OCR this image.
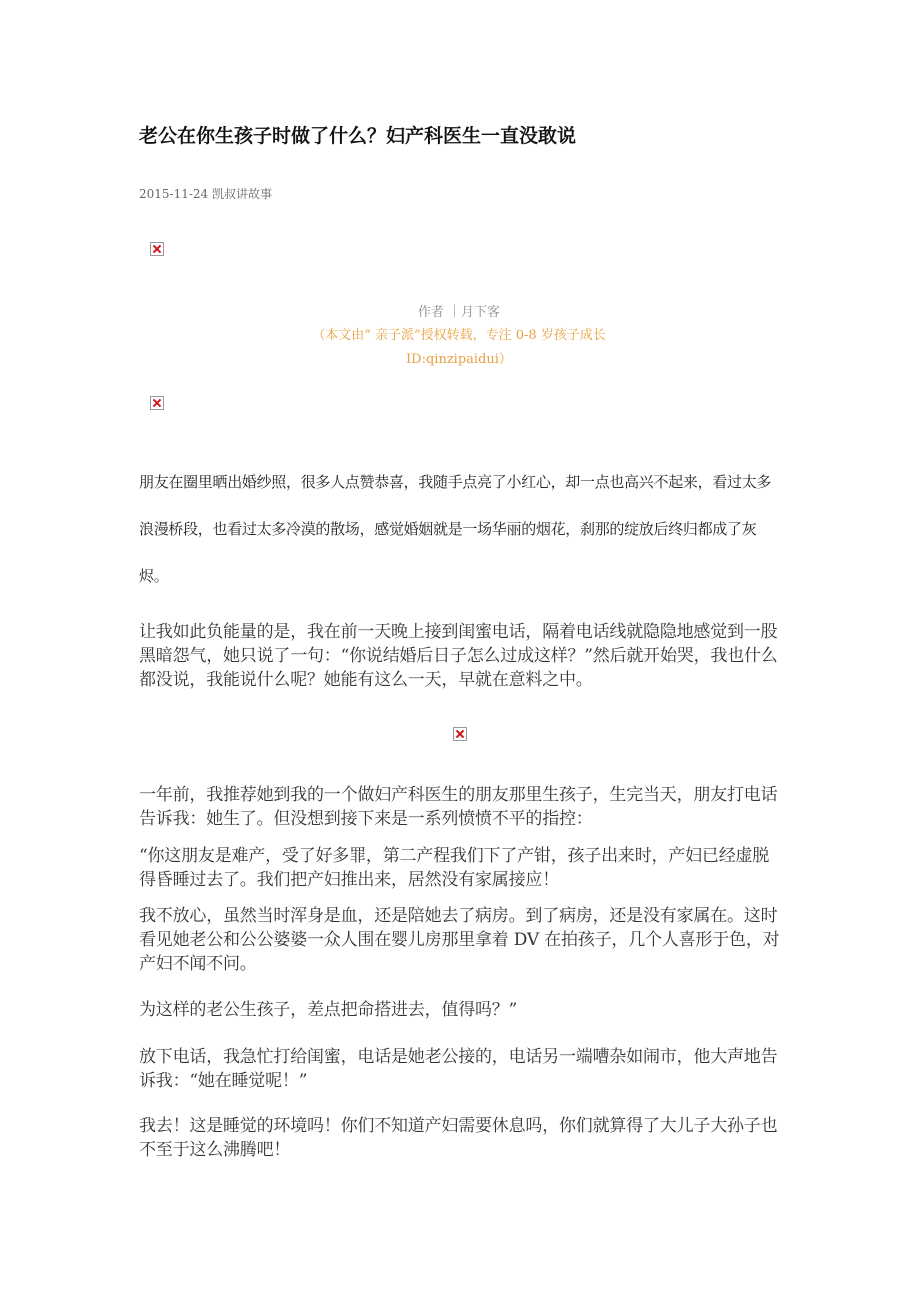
老公在你生孩子时做了什么？妇产科医生一直没敢说
2015-11-24 凯叔讲故事
作者 ｜月下客
（本文由“ 亲子派”授权转载，专注 0-8 岁孩子成长
ID:qinzipaidui）

朋友在圈里晒出婚纱照，很多人点赞恭喜，我随手点亮了小红心，却一点也高兴不起来，看过太多浪漫桥段，也看过太多冷漠的散场，感觉婚姻就是一场华丽的烟花，刹那的绽放后终归都成了灰烬。

让我如此负能量的是，我在前一天晚上接到闺蜜电话，隔着电话线就隐隐地感觉到一股黑暗怨气，她只说了一句：“你说结婚后日子怎么过成这样？”然后就开始哭，我也什么都没说，我能说什么呢？她能有这么一天，早就在意料之中。

一年前，我推荐她到我的一个做妇产科医生的朋友那里生孩子，生完当天，朋友打电话告诉我：她生了。但没想到接下来是一系列愤愤不平的指控：

“你这朋友是难产，受了好多罪，第二产程我们下了产钳，孩子出来时，产妇已经虚脱得昏睡过去了。我们把产妇推出来，居然没有家属接应！

我不放心，虽然当时浑身是血，还是陪她去了病房。到了病房，还是没有家属在。这时看见她老公和公公婆婆一众人围在婴儿房那里拿着 DV 在拍孩子，几个人喜形于色，对产妇不闻不问。

为这样的老公生孩子，差点把命搭进去，值得吗？”

放下电话，我急忙打给闺蜜，电话是她老公接的，电话另一端嘈杂如闹市，他大声地告诉我：“她在睡觉呢！”

我去！这是睡觉的环境吗！你们不知道产妇需要休息吗，你们就算得了大儿子大孙子也不至于这么沸腾吧！
